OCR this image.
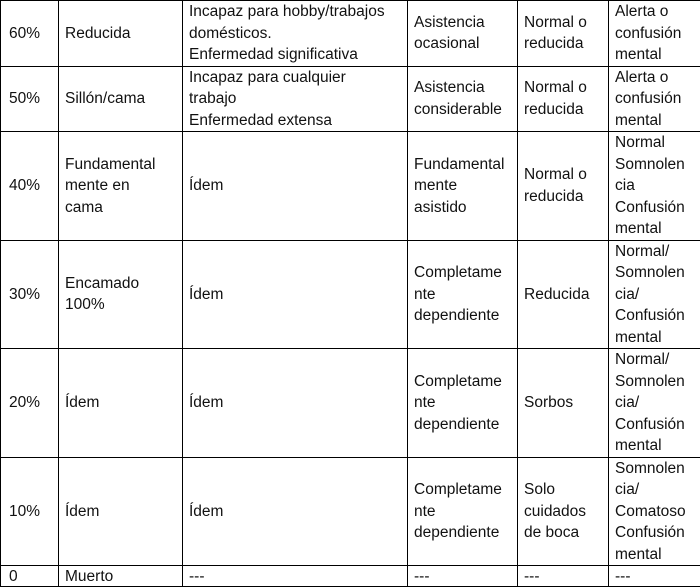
60%	Reducida	Incapaz para hobby/trabajos
domésticos.
Enfermedad significativa	Asistencia
ocasional	Normal o
reducida	Alerta o
confusión
mental
50%	Sillón/cama	Incapaz para cualquier
trabajo
Enfermedad extensa	Asistencia
considerable	Normal o
reducida	Alerta o
confusión
mental
40%	Fundamental
mente en
cama	Ídem	Fundamental
mente
asistido	Normal o
reducida	Normal
Somnolen
cia
Confusión
mental
30%	Encamado
100%	Ídem	Completame
nte
dependiente	Reducida	Normal/
Somnolen
cia/
Confusión
mental
20%	Ídem	Ídem	Completame
nte
dependiente	Sorbos	Normal/
Somnolen
cia/
Confusión
mental
10%	Ídem	Ídem	Completame
nte
dependiente	Solo
cuidados
de boca	Somnolen
cia/
Comatoso
Confusión
mental
0	Muerto	---	---	---	---
